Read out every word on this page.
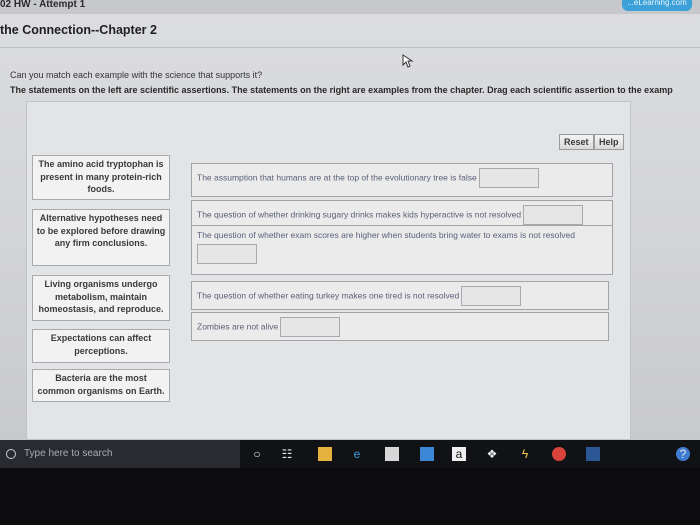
02 HW - Attempt 1	...eLearning.com
the Connection--Chapter 2
Can you match each example with the science that supports it?
The statements on the left are scientific assertions. The statements on the right are examples from the chapter. Drag each scientific assertion to the examp
Reset	Help
The amino acid tryptophan is present in many protein-rich foods.
Alternative hypotheses need to be explored before drawing any firm conclusions.
Living organisms undergo metabolism, maintain homeostasis, and reproduce.
Expectations can affect perceptions.
Bacteria are the most common organisms on Earth.
The assumption that humans are at the top of the evolutionary tree is false
The question of whether drinking sugary drinks makes kids hyperactive is not resolved
The question of whether exam scores are higher when students bring water to exams is not resolved
The question of whether eating turkey makes one tired is not resolved
Zombies are not alive
Type here to search	○ ☷	e	a	❖	ϟ	?
